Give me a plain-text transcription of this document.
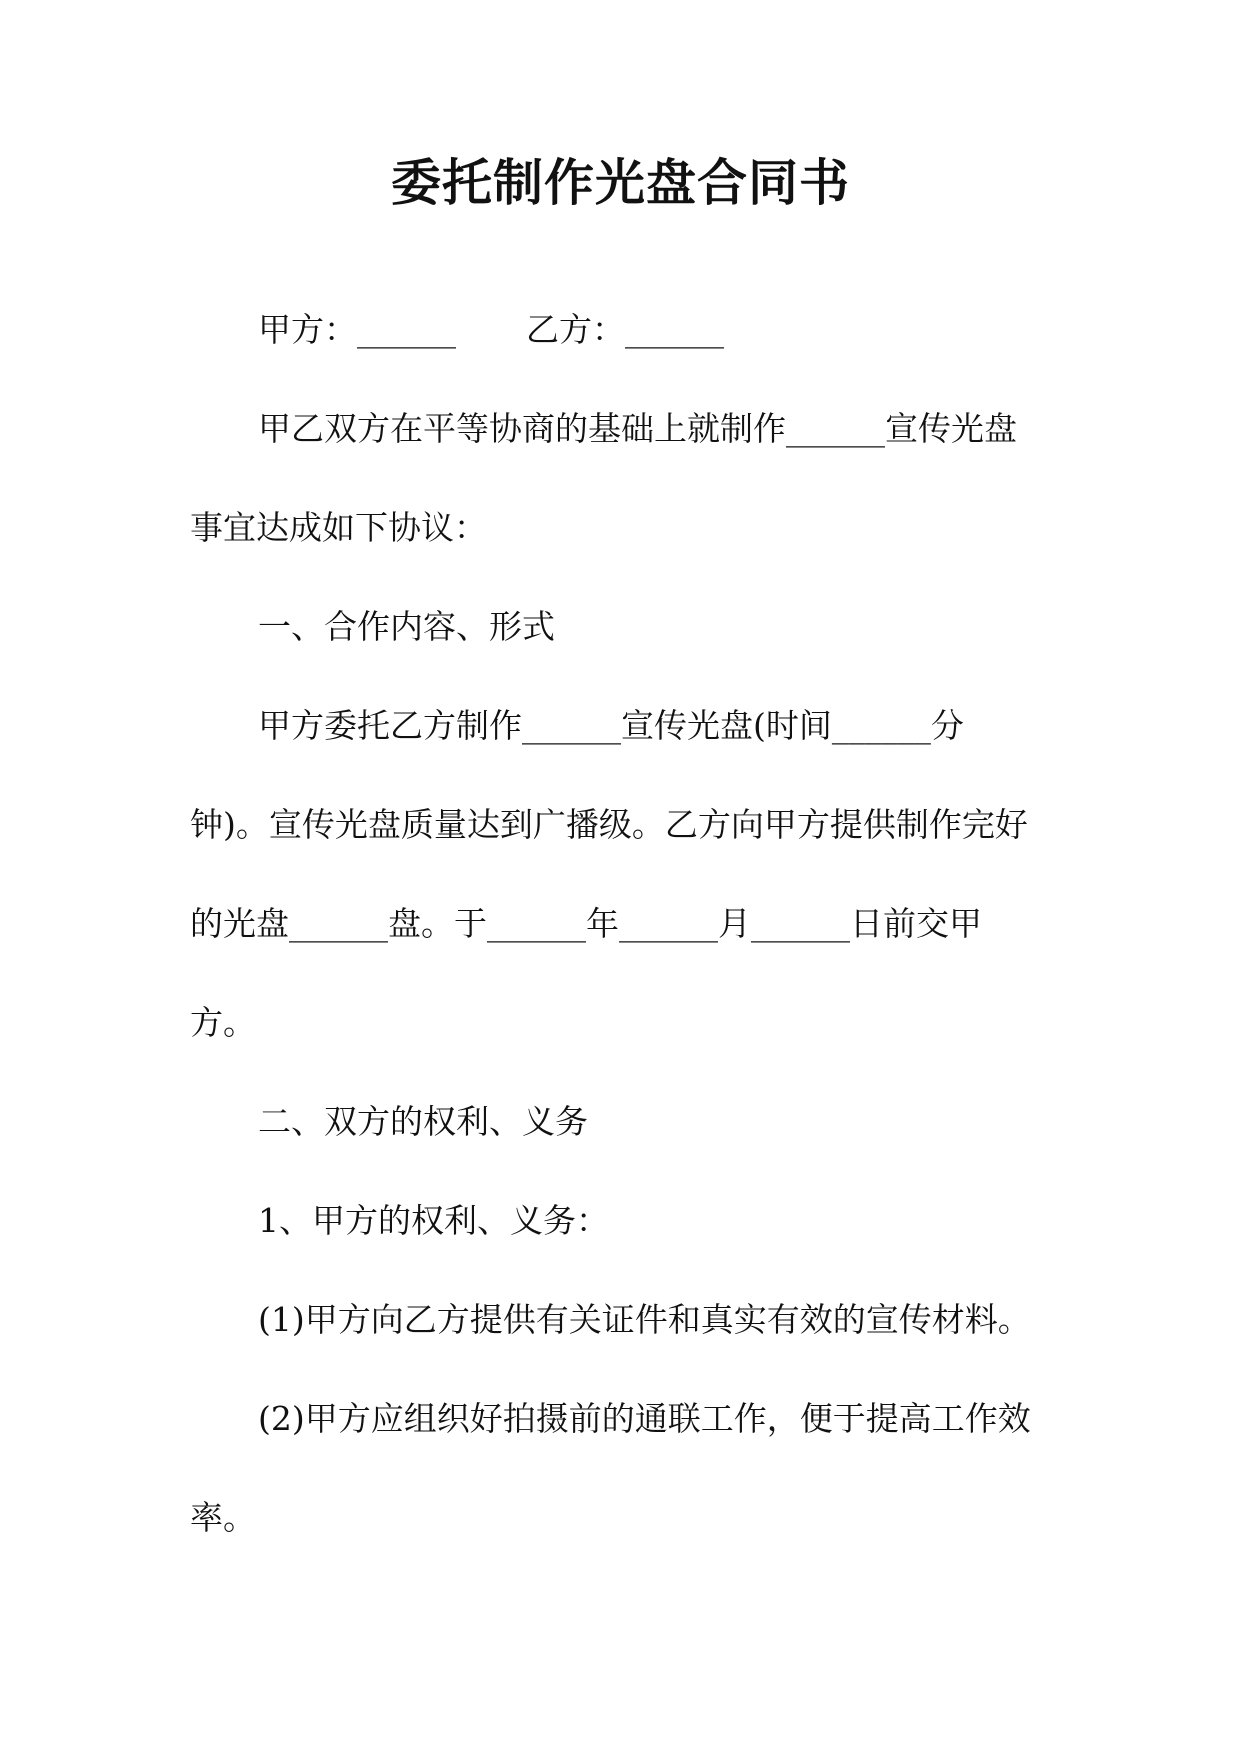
委托制作光盘合同书
甲方：______ 乙方：______
甲乙双方在平等协商的基础上就制作______宣传光盘
事宜达成如下协议：
一、合作内容、形式
甲方委托乙方制作______宣传光盘(时间______分
钟)。宣传光盘质量达到广播级。乙方向甲方提供制作完好
的光盘______盘。于______年______月______日前交甲
方。
二、双方的权利、义务
1、甲方的权利、义务：
(1)甲方向乙方提供有关证件和真实有效的宣传材料。
(2)甲方应组织好拍摄前的通联工作，便于提高工作效
率。
